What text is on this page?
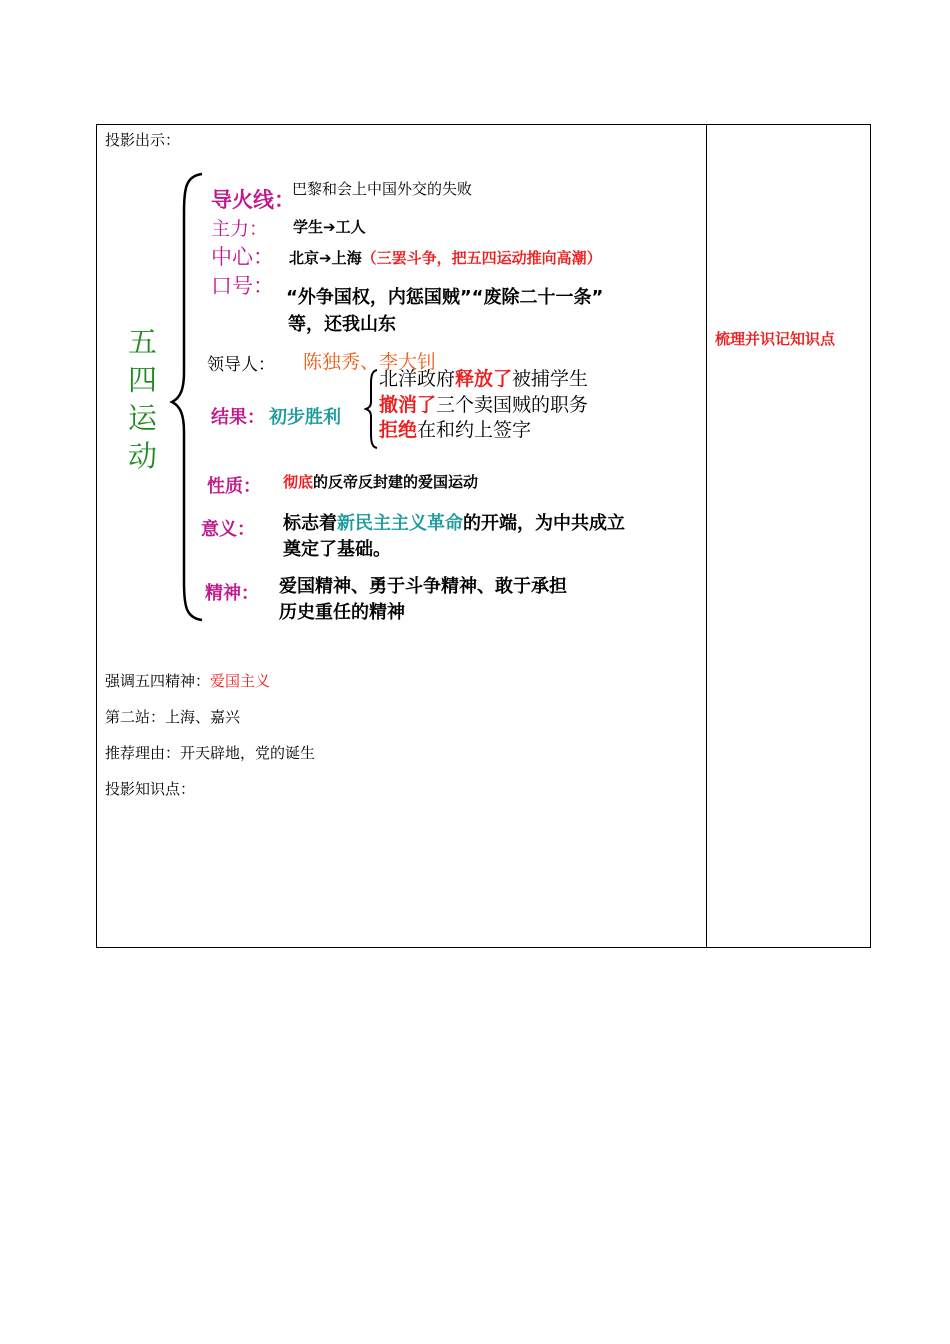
投影出示：
梳理并识记知识点
五
四
运
动
导火线：
巴黎和会上中国外交的失败
主力： 学生➔工人
中心： 北京➔上海（三罢斗争，把五四运动推向高潮）
口号： “外争国权，内惩国贼”“废除二十一条”
等，还我山东
领导人： 陈独秀、李大钊
结果： 初步胜利
北洋政府释放了被捕学生
撤消了三个卖国贼的职务
拒绝在和约上签字
性质： 彻底的反帝反封建的爱国运动
意义： 标志着新民主主义革命的开端，为中共成立
奠定了基础。
精神： 爱国精神、勇于斗争精神、敢于承担
历史重任的精神
强调五四精神：爱国主义
第二站：上海、嘉兴
推荐理由：开天辟地，党的诞生
投影知识点：
